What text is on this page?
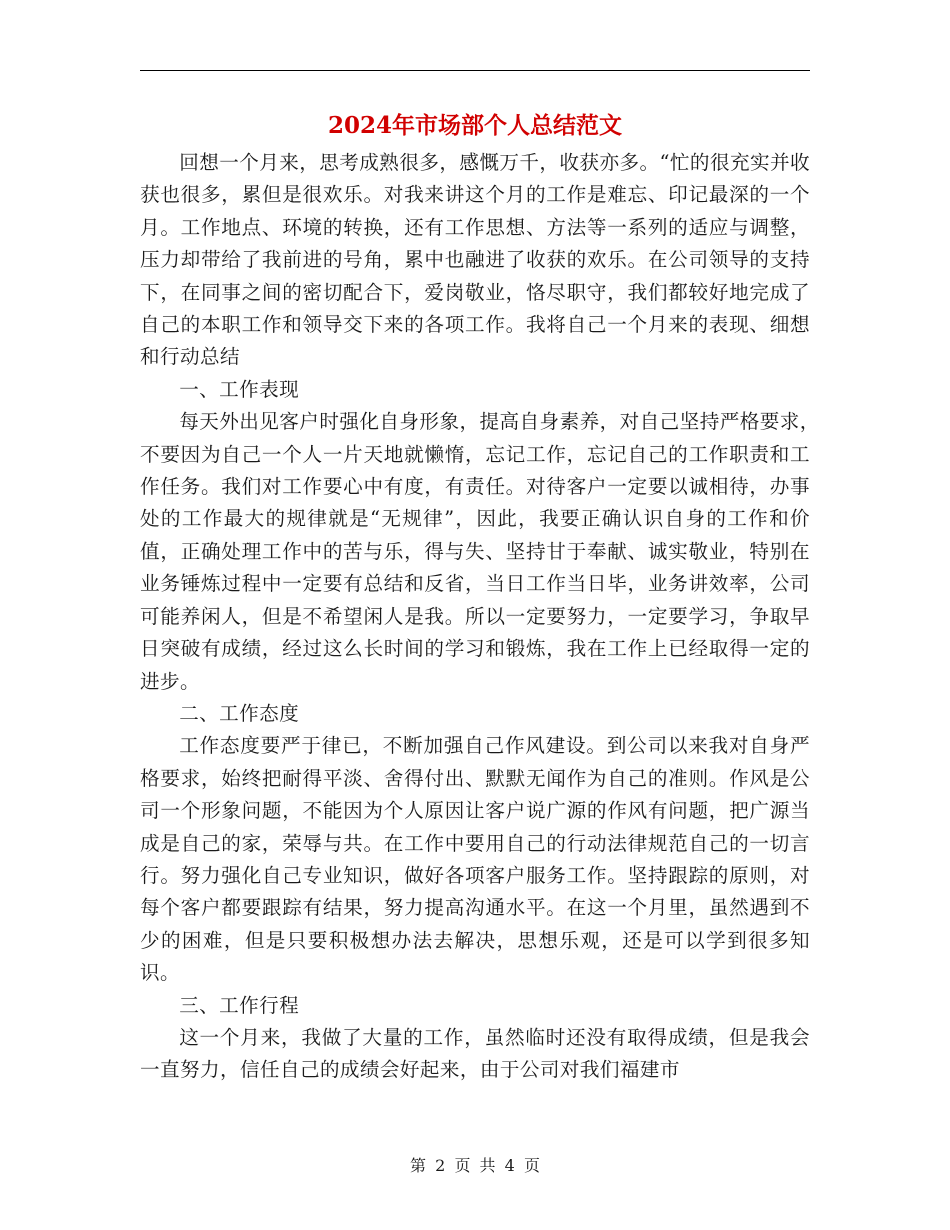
2024年市场部个人总结范文

回想一个月来，思考成熟很多，感慨万千，收获亦多。“忙的很充实并收获也很多，累但是很欢乐。对我来讲这个月的工作是难忘、印记最深的一个月。工作地点、环境的转换，还有工作思想、方法等一系列的适应与调整，压力却带给了我前进的号角，累中也融进了收获的欢乐。在公司领导的支持下，在同事之间的密切配合下，爱岗敬业，恪尽职守，我们都较好地完成了自己的本职工作和领导交下来的各项工作。我将自己一个月来的表现、细想和行动总结

一、工作表现

每天外出见客户时强化自身形象，提高自身素养，对自己坚持严格要求，　不要因为自己一个人一片天地就懒惰，忘记工作，忘记自己的工作职责和工作任务。我们对工作要心中有度，有责任。对待客户一定要以诚相待，办事处的工作最大的规律就是“无规律”，因此，我要正确认识自身的工作和价值，正确处理工作中的苦与乐，得与失、坚持甘于奉献、诚实敬业，特别在业务锤炼过程中一定要有总结和反省，当日工作当日毕，业务讲效率，公司可能养闲人，但是不希望闲人是我。所以一定要努力，一定要学习，争取早日突破有成绩，经过这么长时间的学习和锻炼，我在工作上已经取得一定的进步。

二、工作态度

工作态度要严于律已，不断加强自己作风建设。到公司以来我对自身严格要求，始终把耐得平淡、舍得付出、默默无闻作为自己的准则。作风是公司一个形象问题，不能因为个人原因让客户说广源的作风有问题，把广源当成是自己的家，荣辱与共。在工作中要用自己的行动法律规范自己的一切言行。努力强化自己专业知识，做好各项客户服务工作。坚持跟踪的原则，对每个客户都要跟踪有结果，努力提高沟通水平。在这一个月里，虽然遇到不少的困难，但是只要积极想办法去解决，思想乐观，还是可以学到很多知识。

三、工作行程

这一个月来，我做了大量的工作，虽然临时还没有取得成绩，但是我会一直努力，信任自己的成绩会好起来，由于公司对我们福建市

第 2 页 共 4 页
